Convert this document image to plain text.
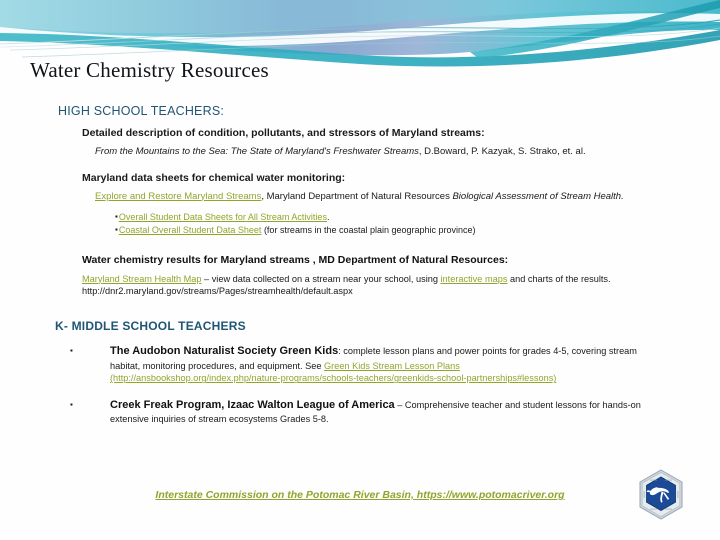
Water Chemistry Resources
HIGH SCHOOL TEACHERS:
Detailed description of condition, pollutants, and stressors of Maryland streams:
From the Mountains to the Sea: The State of Maryland's Freshwater Streams, D.Boward, P. Kazyak, S. Strako, et. al.
Maryland data sheets for chemical water monitoring:
Explore and Restore Maryland Streams, Maryland Department of Natural Resources Biological Assessment of Stream Health.
▪Overall Student Data Sheets for All Stream Activities.
▪Coastal Overall Student Data Sheet (for streams in the coastal plain geographic province)
Water chemistry results for Maryland streams , MD Department of Natural Resources:
Maryland Stream Health Map – view data collected on a stream near your school, using interactive maps and charts of the results. http://dnr2.maryland.gov/streams/Pages/streamhealth/default.aspx
K- MIDDLE SCHOOL TEACHERS
▪	The Audobon Naturalist Society Green Kids: complete lesson plans and power points for grades 4-5, covering stream habitat, monitoring procedures, and equipment. See Green Kids Stream Lesson Plans
(http://ansbookshop.org/index.php/nature-programs/schools-teachers/greenkids-school-partnerships#lessons)
▪	Creek Freak Program, Izaac Walton League of America – Comprehensive teacher and student lessons for hands-on extensive inquiries of stream ecosystems Grades 5-8.
Interstate Commission on the Potomac River Basin, https://www.potomacriver.org
